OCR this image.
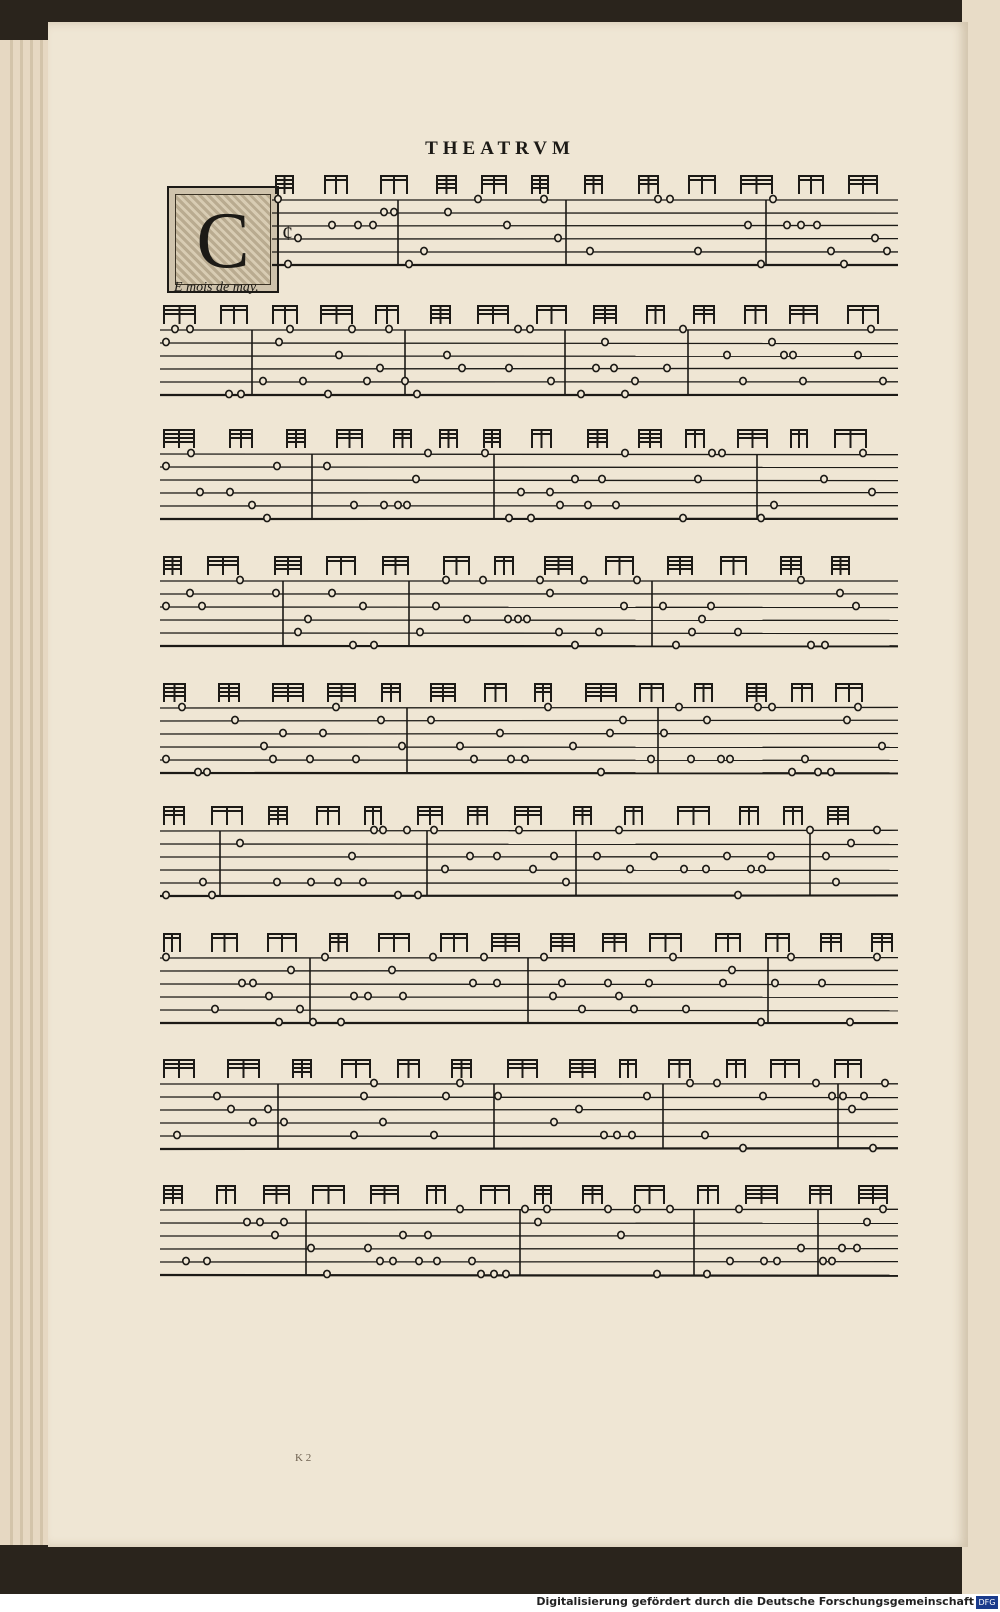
THEATRVM
C
E mois de may.
¢
K 2
Digitalisierung gefördert durch die Deutsche Forschungsgemeinschaft DFG
